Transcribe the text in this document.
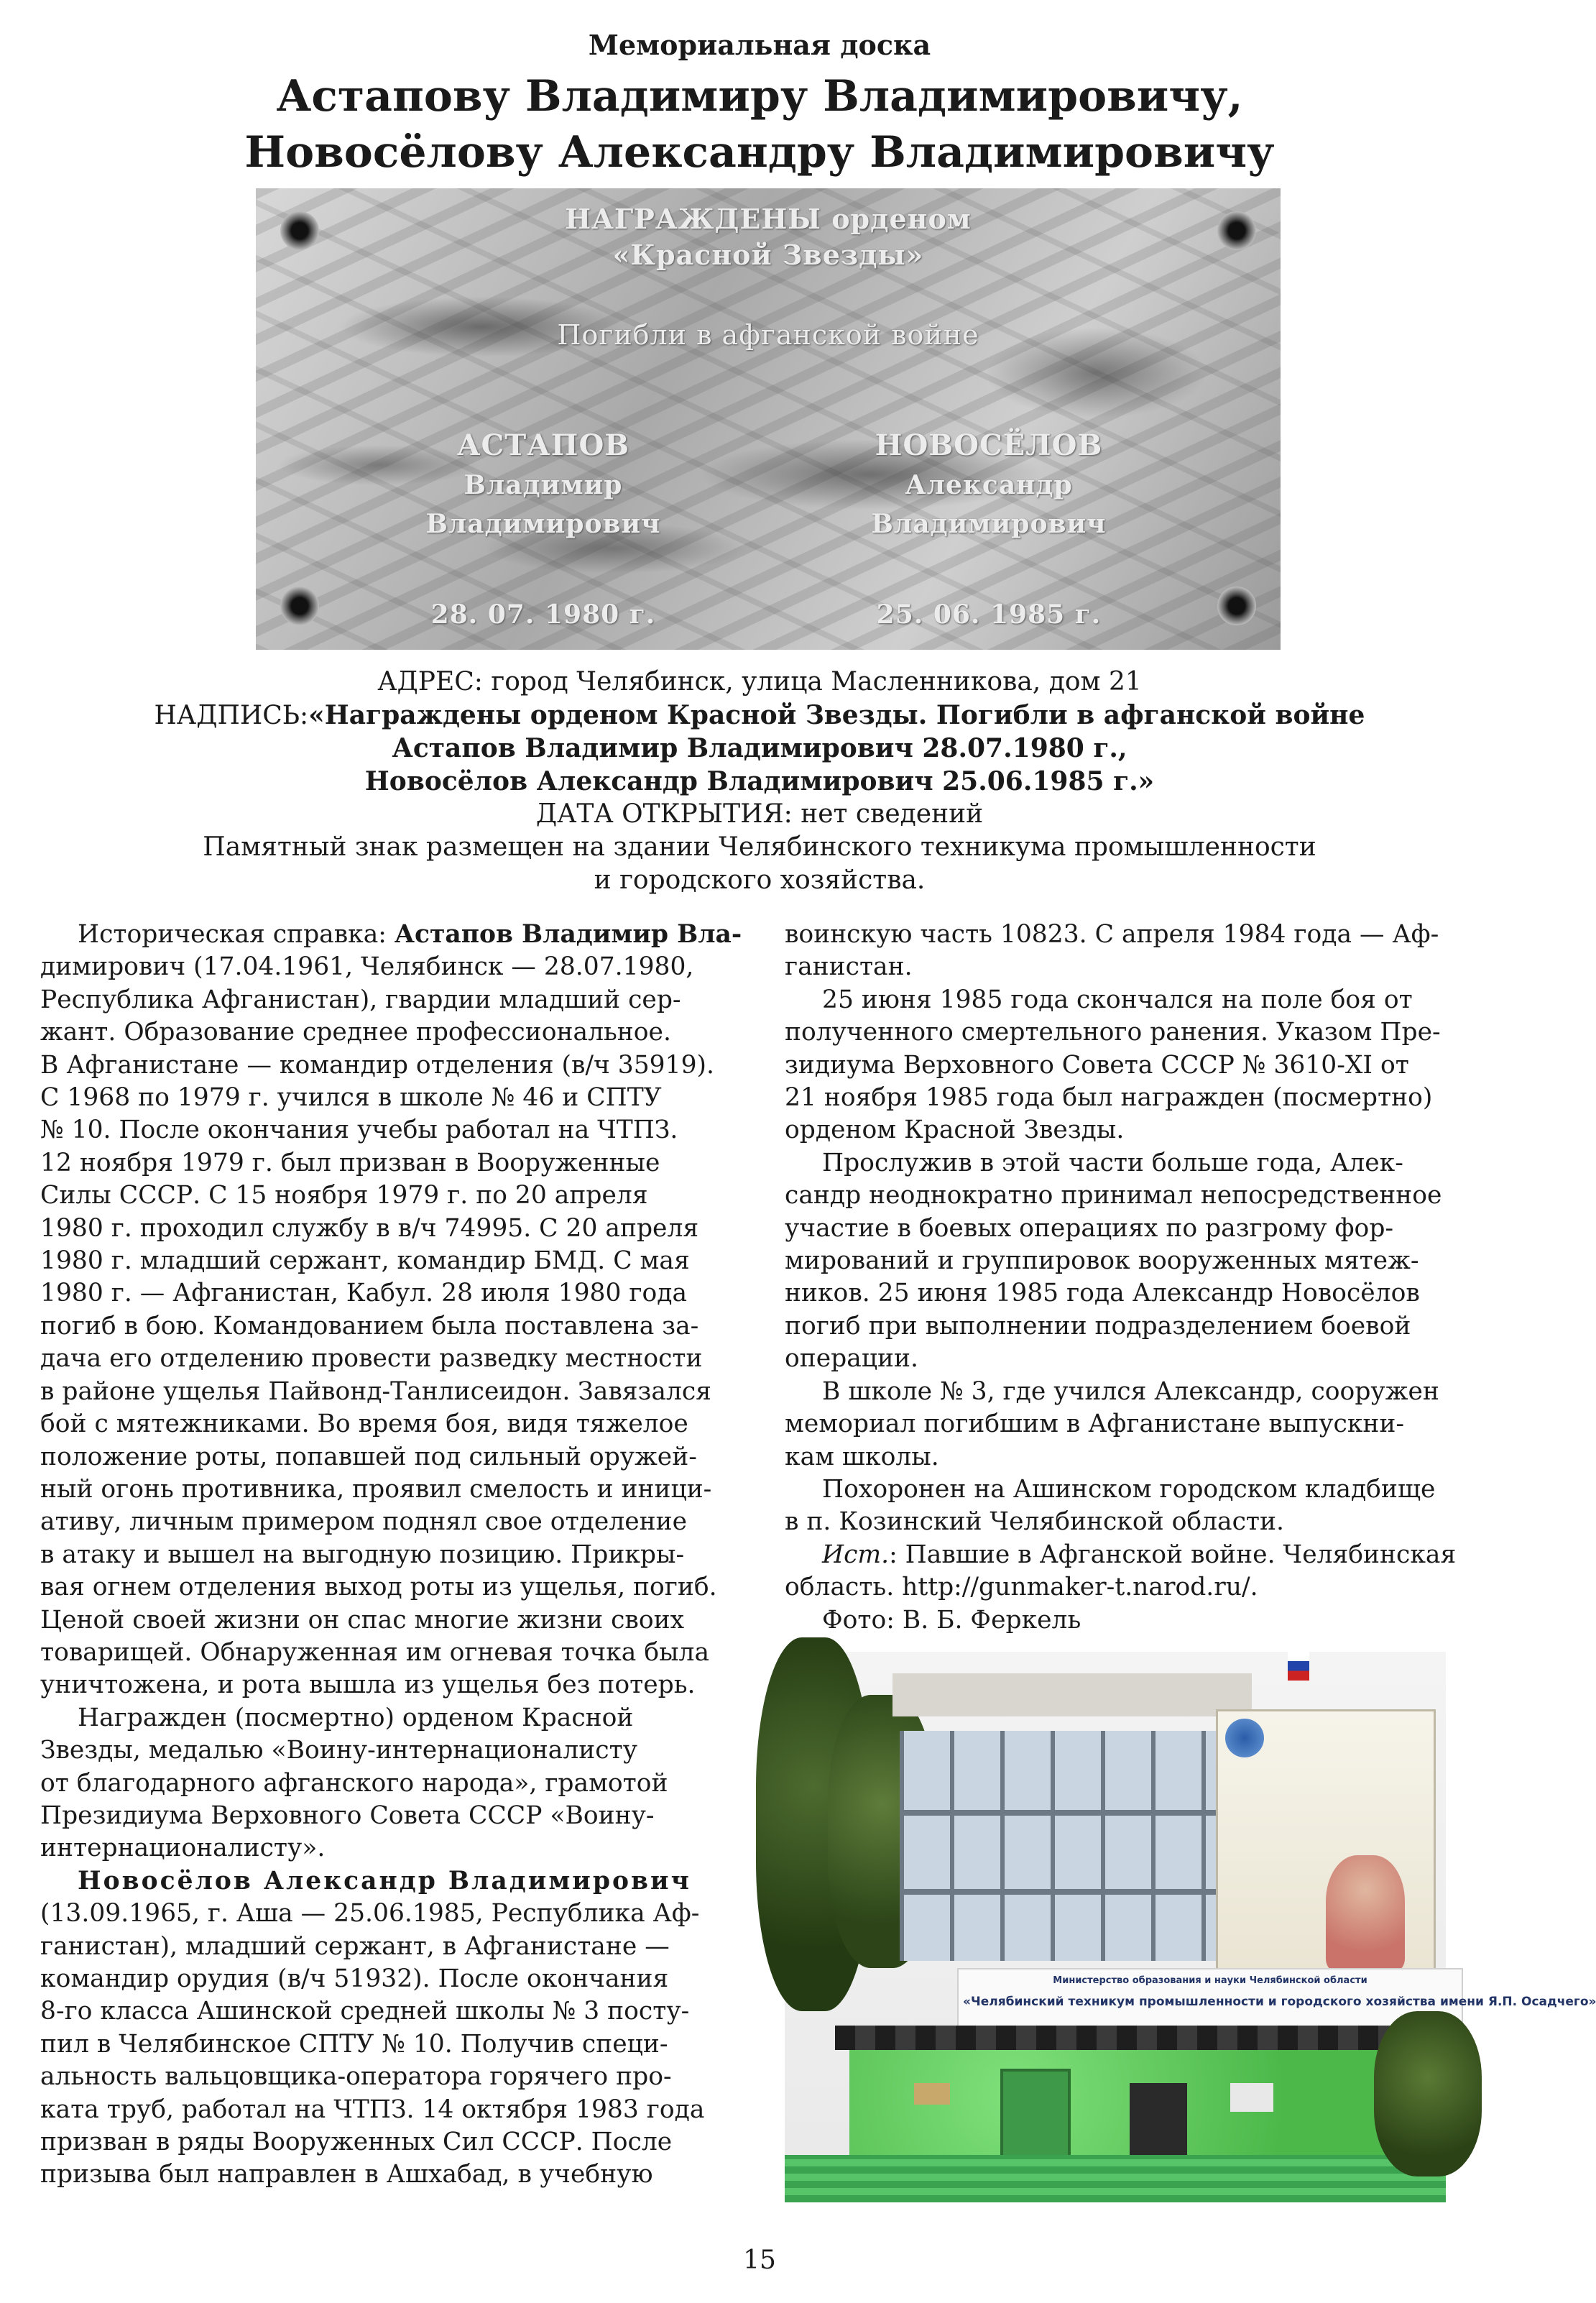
Мемориальная доска
Астапову Владимиру Владимировичу,
Новосёлову Александру Владимировичу
НАГРАЖДЕНЫ орденом
«Красной Звезды»
Погибли в афганской войне
АСТАПОВ
Владимир
Владимирович
28. 07. 1980 г.
НОВОСЁЛОВ
Александр
Владимирович
25. 06. 1985 г.
АДРЕС: город Челябинск, улица Масленникова, дом 21
НАДПИСЬ:«Награждены орденом Красной Звезды. Погибли в афганской войне
Астапов Владимир Владимирович 28.07.1980 г.,
Новосёлов Александр Владимирович 25.06.1985 г.»
ДАТА ОТКРЫТИЯ: нет сведений
Памятный знак размещен на здании Челябинского техникума промышленности
и городского хозяйства.
Историческая справка: Астапов Владимир Вла-
димирович (17.04.1961, Челябинск — 28.07.1980,
Республика Афганистан), гвардии младший сер-
жант. Образование среднее профессиональное.
В Афганистане — командир отделения (в/ч 35919).
С 1968 по 1979 г. учился в школе № 46 и СПТУ
№ 10. После окончания учебы работал на ЧТПЗ.
12 ноября 1979 г. был призван в Вооруженные
Силы СССР. С 15 ноября 1979 г. по 20 апреля
1980 г. проходил службу в в/ч 74995. С 20 апреля
1980 г. младший сержант, командир БМД. С мая
1980 г. — Афганистан, Кабул. 28 июля 1980 года
погиб в бою. Командованием была поставлена за-
дача его отделению провести разведку местности
в районе ущелья Пайвонд-Танлисеидон. Завязался
бой с мятежниками. Во время боя, видя тяжелое
положение роты, попавшей под сильный оружей-
ный огонь противника, проявил смелость и иници-
ативу, личным примером поднял свое отделение
в атаку и вышел на выгодную позицию. Прикры-
вая огнем отделения выход роты из ущелья, погиб.
Ценой своей жизни он спас многие жизни своих
товарищей. Обнаруженная им огневая точка была
уничтожена, и рота вышла из ущелья без потерь.
Награжден (посмертно) орденом Красной
Звезды, медалью «Воину-интернационалисту
от благодарного афганского народа», грамотой
Президиума Верховного Совета СССР «Воину-
интернационалисту».
Новосёлов Александр Владимирович
(13.09.1965, г. Аша — 25.06.1985, Республика Аф-
ганистан), младший сержант, в Афганистане —
командир орудия (в/ч 51932). После окончания
8-го класса Ашинской средней школы № 3 посту-
пил в Челябинское СПТУ № 10. Получив специ-
альность вальцовщика-оператора горячего про-
ката труб, работал на ЧТПЗ. 14 октября 1983 года
призван в ряды Вооруженных Сил СССР. После
призыва был направлен в Ашхабад, в учебную
воинскую часть 10823. С апреля 1984 года — Аф-
ганистан.
25 июня 1985 года скончался на поле боя от
полученного смертельного ранения. Указом Пре-
зидиума Верховного Совета СССР № 3610-XI от
21 ноября 1985 года был награжден (посмертно)
орденом Красной Звезды.
Прослужив в этой части больше года, Алек-
сандр неоднократно принимал непосредственное
участие в боевых операциях по разгрому фор-
мирований и группировок вооруженных мятеж-
ников. 25 июня 1985 года Александр Новосёлов
погиб при выполнении подразделением боевой
операции.
В школе № 3, где учился Александр, сооружен
мемориал погибшим в Афганистане выпускни-
кам школы.
Похоронен на Ашинском городском кладбище
в п. Козинский Челябинской области.
Ист.: Павшие в Афганской войне. Челябинская
область. http://gunmaker-t.narod.ru/.
Фото: В. Б. Феркель
Министерство образования и науки Челябинской области
«Челябинский техникум промышленности и городского хозяйства имени Я.П. Осадчего»
15
